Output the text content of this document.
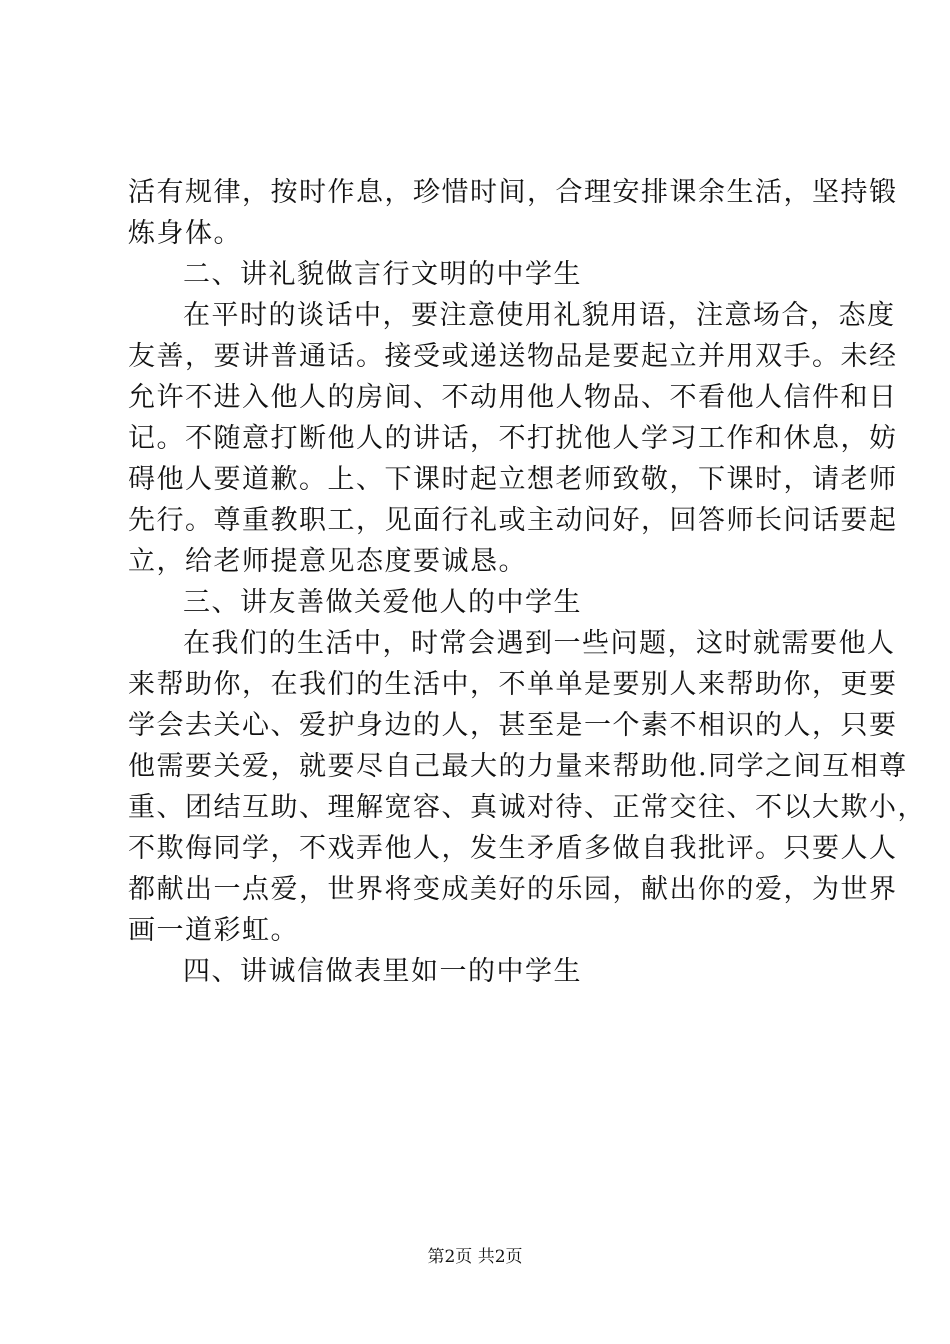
活有规律，按时作息，珍惜时间，合理安排课余生活，坚持锻
炼身体。
二、讲礼貌做言行文明的中学生
在平时的谈话中，要注意使用礼貌用语，注意场合，态度
友善，要讲普通话。接受或递送物品是要起立并用双手。未经
允许不进入他人的房间、不动用他人物品、不看他人信件和日
记。不随意打断他人的讲话，不打扰他人学习工作和休息，妨
碍他人要道歉。上、下课时起立想老师致敬，下课时，请老师
先行。尊重教职工，见面行礼或主动问好，回答师长问话要起
立，给老师提意见态度要诚恳。
三、讲友善做关爱他人的中学生
在我们的生活中，时常会遇到一些问题，这时就需要他人
来帮助你，在我们的生活中，不单单是要别人来帮助你，更要
学会去关心、爱护身边的人，甚至是一个素不相识的人，只要
他需要关爱，就要尽自己最大的力量来帮助他.同学之间互相尊
重、团结互助、理解宽容、真诚对待、正常交往、不以大欺小，
不欺侮同学，不戏弄他人，发生矛盾多做自我批评。只要人人
都献出一点爱，世界将变成美好的乐园，献出你的爱，为世界
画一道彩虹。
四、讲诚信做表里如一的中学生
第2页 共2页
